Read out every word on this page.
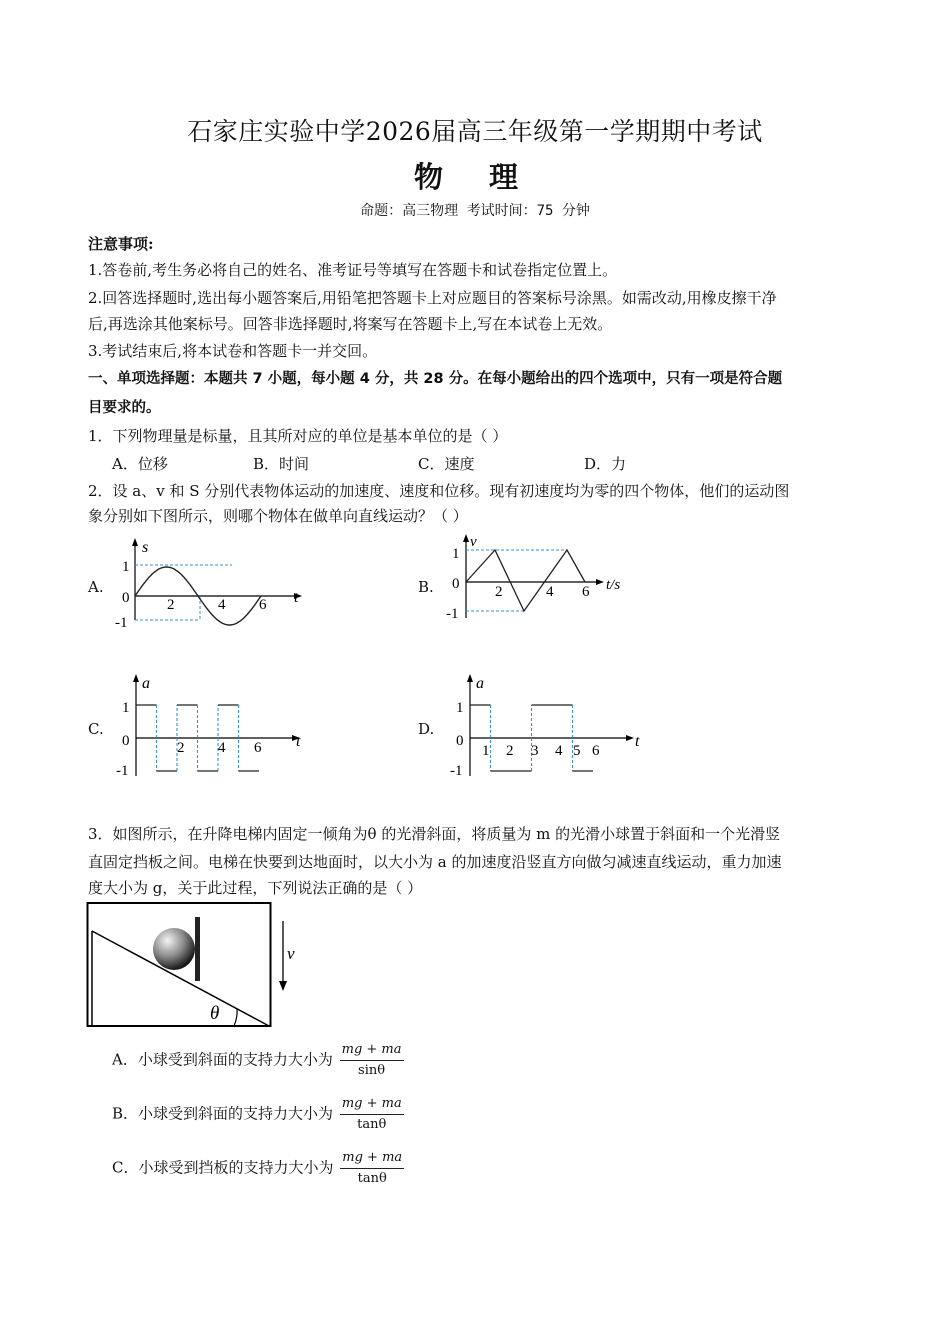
石家庄实验中学2026届高三年级第一学期期中考试
物 理
命题：高三物理 考试时间：75 分钟
注意事项:
1.答卷前,考生务必将自己的姓名、准考证号等填写在答题卡和试卷指定位置上。
2.回答选择题时,选出每小题答案后,用铅笔把答题卡上对应题目的答案标号涂黑。如需改动,用橡皮擦干净
后,再选涂其他案标号。回答非选择题时,将案写在答题卡上,写在本试卷上无效。
3.考试结束后,将本试卷和答题卡一并交回。
一、单项选择题：本题共 7 小题，每小题 4 分，共 28 分。在每小题给出的四个选项中，只有一项是符合题
目要求的。
1．下列物理量是标量，且其所对应的单位是基本单位的是（ ）
A．位移	B．时间	C．速度	D．力
2．设 a、v 和 S 分别代表物体运动的加速度、速度和位移。现有初速度均为零的四个物体，他们的运动图
象分别如下图所示，则哪个物体在做单向直线运动？（ ）
A.	B.
C.	D.
s
t
1
0
-1
2	4 6
v
t/s
1
0
-1
2	4 6
a
t
1
0
-1
2 4 6
a
t
1
0
-1
1 2 3 4 5 6
3．如图所示，在升降电梯内固定一倾角为θ 的光滑斜面，将质量为 m 的光滑小球置于斜面和一个光滑竖
直固定挡板之间。电梯在快要到达地面时，以大小为 a 的加速度沿竖直方向做匀减速直线运动，重力加速
度大小为 g，关于此过程，下列说法正确的是（ ）
θ
v
A．小球受到斜面的支持力大小为 $\frac{mg + ma}{\sin\theta}$
B．小球受到斜面的支持力大小为 $\frac{mg + ma}{\tan\theta}$
C．小球受到挡板的支持力大小为 $\frac{mg + ma}{\tan\theta}$
